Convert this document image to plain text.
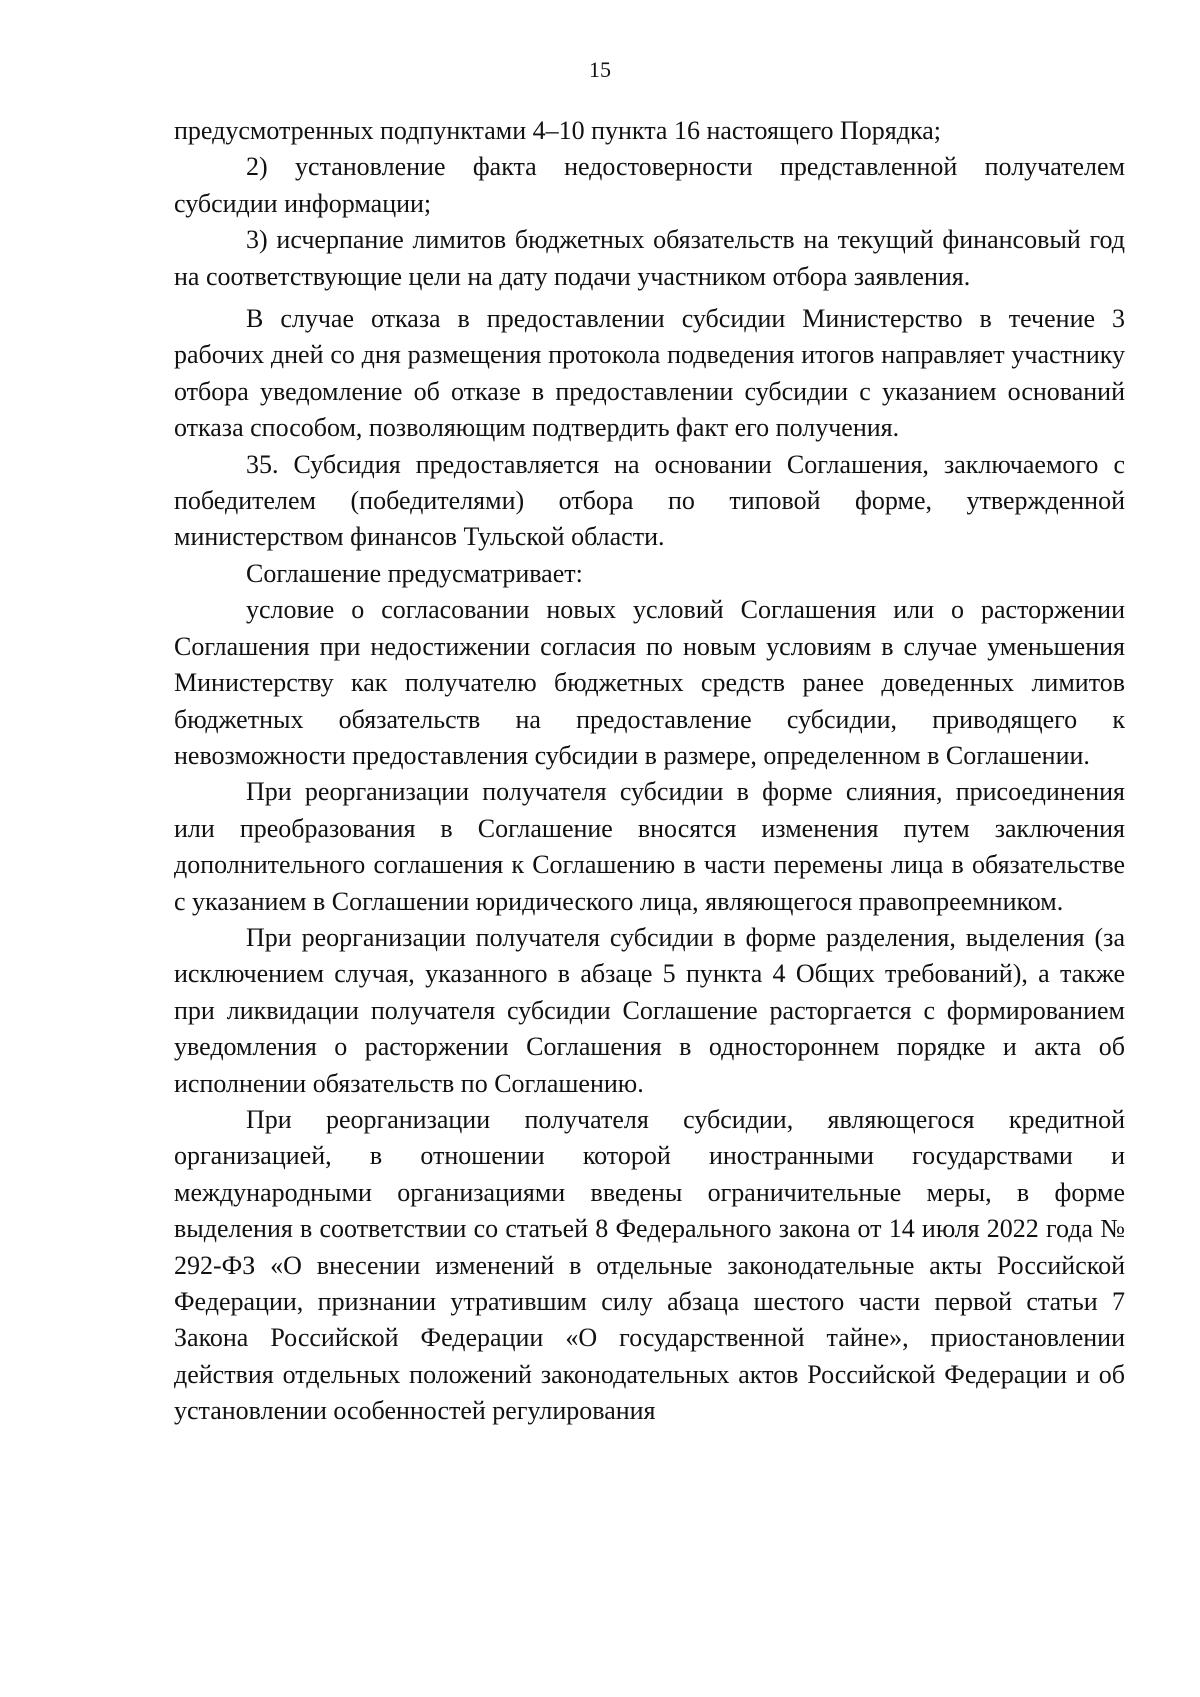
15

предусмотренных подпунктами 4–10 пункта 16 настоящего Порядка;

2) установление факта недостоверности представленной получателем субсидии информации;

3) исчерпание лимитов бюджетных обязательств на текущий финансовый год на соответствующие цели на дату подачи участником отбора заявления.

В случае отказа в предоставлении субсидии Министерство в течение 3 рабочих дней со дня размещения протокола подведения итогов направляет участнику отбора уведомление об отказе в предоставлении субсидии с указанием оснований отказа способом, позволяющим подтвердить факт его получения.

35. Субсидия предоставляется на основании Соглашения, заключаемого с победителем (победителями) отбора по типовой форме, утвержденной министерством финансов Тульской области.

Соглашение предусматривает:

условие о согласовании новых условий Соглашения или о расторжении Соглашения при недостижении согласия по новым условиям в случае уменьшения Министерству как получателю бюджетных средств ранее доведенных лимитов бюджетных обязательств на предоставление субсидии, приводящего к невозможности предоставления субсидии в размере, определенном в Соглашении.

При реорганизации получателя субсидии в форме слияния, присоединения или преобразования в Соглашение вносятся изменения путем заключения дополнительного соглашения к Соглашению в части перемены лица в обязательстве с указанием в Соглашении юридического лица, являющегося правопреемником.

При реорганизации получателя субсидии в форме разделения, выделения (за исключением случая, указанного в абзаце 5 пункта 4 Общих требований), а также при ликвидации получателя субсидии Соглашение расторгается с формированием уведомления о расторжении Соглашения в одностороннем порядке и акта об исполнении обязательств по Соглашению.

При реорганизации получателя субсидии, являющегося кредитной организацией, в отношении которой иностранными государствами и международными организациями введены ограничительные меры, в форме выделения в соответствии со статьей 8 Федерального закона от 14 июля 2022 года № 292-ФЗ «О внесении изменений в отдельные законодательные акты Российской Федерации, признании утратившим силу абзаца шестого части первой статьи 7 Закона Российской Федерации «О государственной тайне», приостановлении действия отдельных положений законодательных актов Российской Федерации и об установлении особенностей регулирования
